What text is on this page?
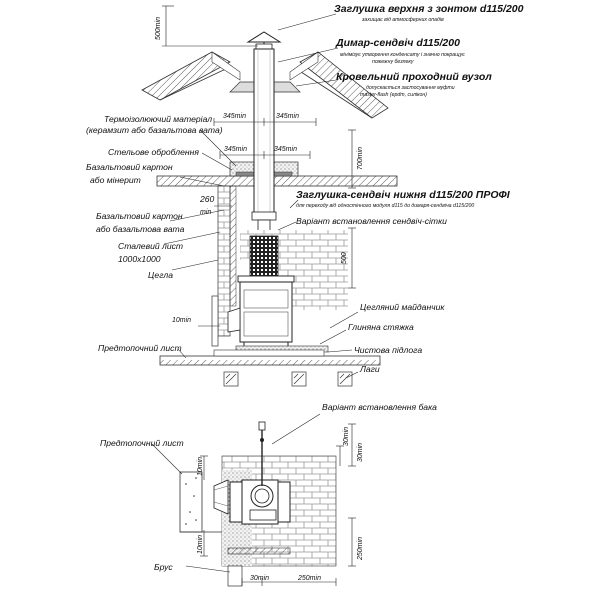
Заглушка верхня з зонтом d115/200
захищає від атмосферних опадів
Димар-сендвіч d115/200
мінімізує утворення конденсату і значно покращує
пожежну безпеку
Кровельний проходний вузол
допускається застосування муфти
master-flash (epdm, силікон)
Термоізолюючий матеріал
(керамзит або базальтова вата)
Стельове оброблення
Базальтовий картон
або мінерит
Заглушка-сендвіч нижня d115/200 ПРОФІ
для переходу від одностінного модуля d115 до димаря-сендвіча d115/200
Варіант встановлення сендвіч-сітки
Базальтовий картон
або базальтова вата
Сталевий лист
1000х1000
Цегла
Цегляний майданчик
Глиняна стяжка
Предтопочний лист	Чистова підлога
Лаги
500min
345min	345min
345min	345min	700min
260
min
500
10min
Варіант встановлення бака
Предтопочний лист
Брус
30min
30min
10min
10min	250min
30min	250min
